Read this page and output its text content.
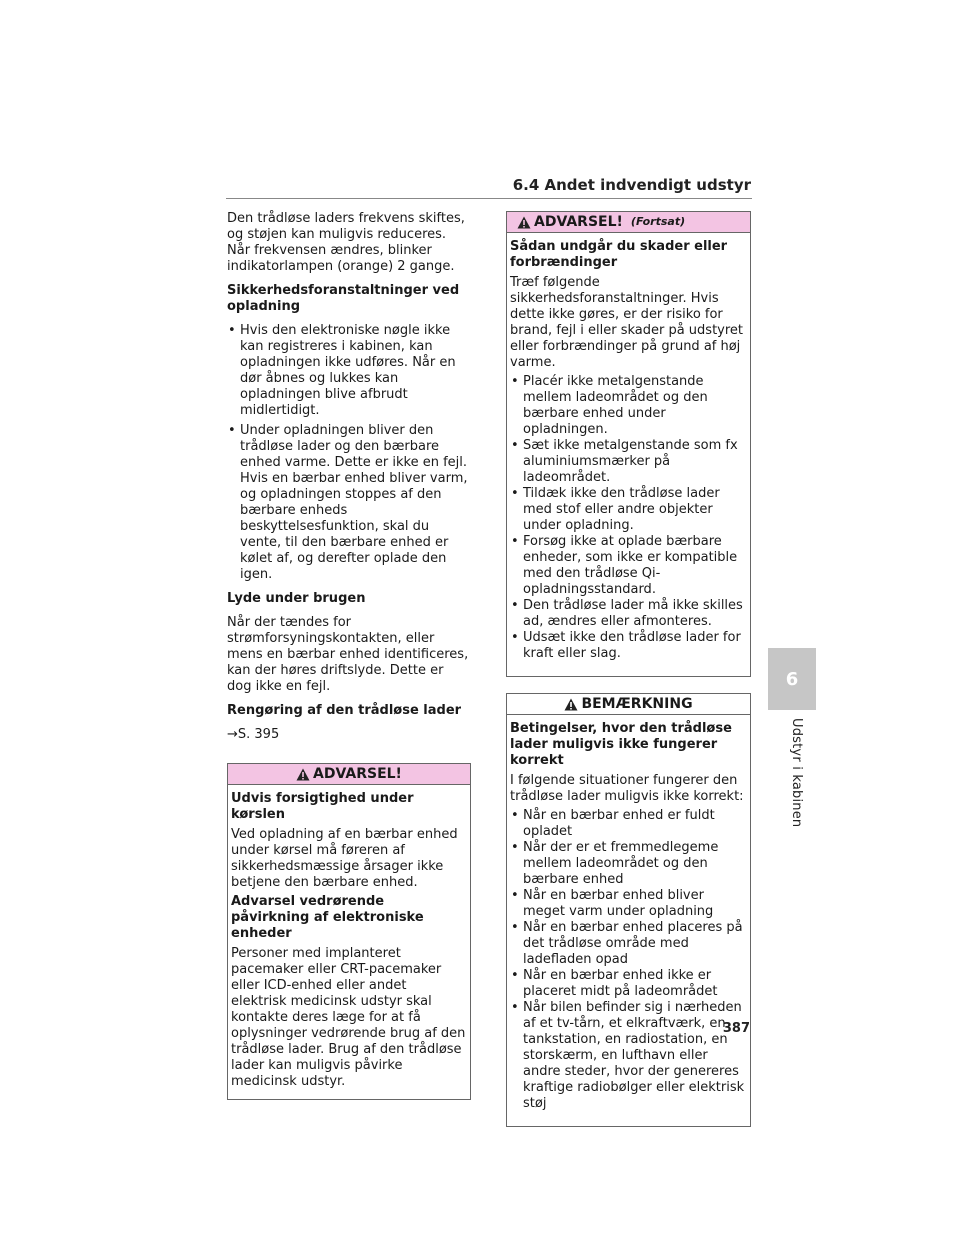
6.4 Andet indvendigt udstyr

Den trådløse laders frekvens skiftes, og støjen kan muligvis reduceres. Når frekvensen ændres, blinker indikatorlampen (orange) 2 gange.

Sikkerhedsforanstaltninger ved opladning
• Hvis den elektroniske nøgle ikke kan registreres i kabinen, kan opladningen ikke udføres. Når en dør åbnes og lukkes kan opladningen blive afbrudt midlertidigt.
• Under opladningen bliver den trådløse lader og den bærbare enhed varme. Dette er ikke en fejl. Hvis en bærbar enhed bliver varm, og opladningen stoppes af den bærbare enheds beskyttelsesfunktion, skal du vente, til den bærbare enhed er kølet af, og derefter oplade den igen.
Lyde under brugen

Når der tændes for strømforsyningskontakten, eller mens en bærbar enhed identificeres, kan der høres driftslyde. Dette er dog ikke en fejl.

Rengøring af den trådløse lader

→S. 395

ADVARSEL!
Udvis forsigtighed under kørslen

Ved opladning af en bærbar enhed under kørsel må føreren af sikkerhedsmæssige årsager ikke betjene den bærbare enhed.

Advarsel vedrørende påvirkning af elektroniske enheder

Personer med implanteret pacemaker eller CRT-pacemaker eller ICD-enhed eller andet elektrisk medicinsk udstyr skal kontakte deres læge for at få oplysninger vedrørende brug af den trådløse lader. Brug af den trådløse lader kan muligvis påvirke medicinsk udstyr.

ADVARSEL! (Fortsat)
Sådan undgår du skader eller forbrændinger

Træf følgende sikkerhedsforanstaltninger. Hvis dette ikke gøres, er der risiko for brand, fejl i eller skader på udstyret eller forbrændinger på grund af høj varme.

• Placér ikke metalgenstande mellem ladeområdet og den bærbare enhed under opladningen.
• Sæt ikke metalgenstande som fx aluminiumsmærker på ladeområdet.
• Tildæk ikke den trådløse lader med stof eller andre objekter under opladning.
• Forsøg ikke at oplade bærbare enheder, som ikke er kompatible med den trådløse Qi-opladningsstandard.
• Den trådløse lader må ikke skilles ad, ændres eller afmonteres.
• Udsæt ikke den trådløse lader for kraft eller slag.
BEMÆRKNING
Betingelser, hvor den trådløse lader muligvis ikke fungerer korrekt

I følgende situationer fungerer den trådløse lader muligvis ikke korrekt:

• Når en bærbar enhed er fuldt opladet
• Når der er et fremmedlegeme mellem ladeområdet og den bærbare enhed
• Når en bærbar enhed bliver meget varm under opladning
• Når en bærbar enhed placeres på det trådløse område med ladefladen opad
• Når en bærbar enhed ikke er placeret midt på ladeområdet
• Når bilen befinder sig i nærheden af et tv-tårn, et elkraftværk, en tankstation, en radiostation, en storskærm, en lufthavn eller andre steder, hvor der genereres kraftige radiobølger eller elektrisk støj
6
Udstyr i kabinen
387
